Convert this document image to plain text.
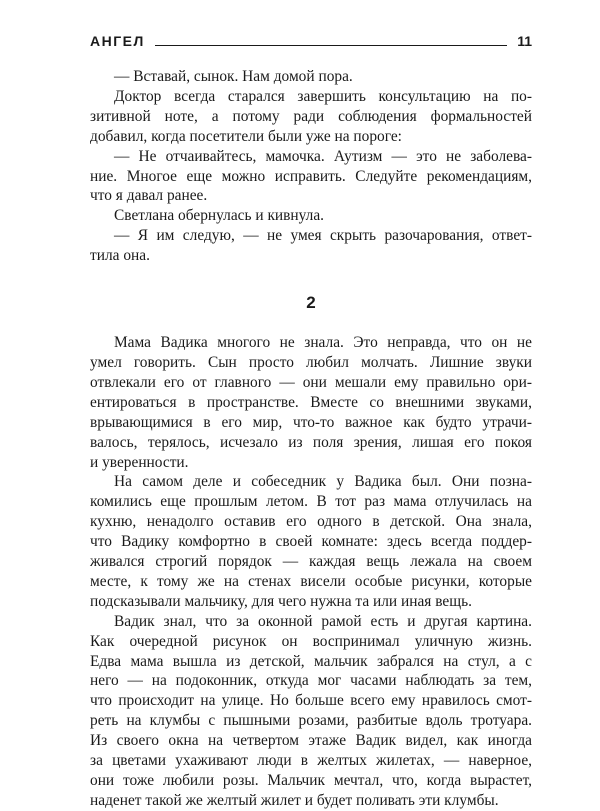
АНГЕЛ	11
— Вставай, сынок. Нам домой пора.
Доктор всегда старался завершить консультацию на по-
зитивной ноте, а потому ради соблюдения формальностей
добавил, когда посетители были уже на пороге:
— Не отчаивайтесь, мамочка. Аутизм — это не заболева-
ние. Многое еще можно исправить. Следуйте рекомендациям,
что я давал ранее.
Светлана обернулась и кивнула.
— Я им следую, — не умея скрыть разочарования, ответ-
тила она.
2
Мама Вадика многого не знала. Это неправда, что он не
умел говорить. Сын просто любил молчать. Лишние звуки
отвлекали его от главного — они мешали ему правильно ори-
ентироваться в пространстве. Вместе со внешними звуками,
врывающимися в его мир, что-то важное как будто утрачи-
валось, терялось, исчезало из поля зрения, лишая его покоя
и уверенности.
На самом деле и собеседник у Вадика был. Они позна-
комились еще прошлым летом. В тот раз мама отлучилась на
кухню, ненадолго оставив его одного в детской. Она знала,
что Вадику комфортно в своей комнате: здесь всегда поддер-
живался строгий порядок — каждая вещь лежала на своем
месте, к тому же на стенах висели особые рисунки, которые
подсказывали мальчику, для чего нужна та или иная вещь.
Вадик знал, что за оконной рамой есть и другая картина.
Как очередной рисунок он воспринимал уличную жизнь.
Едва мама вышла из детской, мальчик забрался на стул, а с
него — на подоконник, откуда мог часами наблюдать за тем,
что происходит на улице. Но больше всего ему нравилось смот-
реть на клумбы с пышными розами, разбитые вдоль тротуара.
Из своего окна на четвертом этаже Вадик видел, как иногда
за цветами ухаживают люди в желтых жилетах, — наверное,
они тоже любили розы. Мальчик мечтал, что, когда вырастет,
наденет такой же желтый жилет и будет поливать эти клумбы.
